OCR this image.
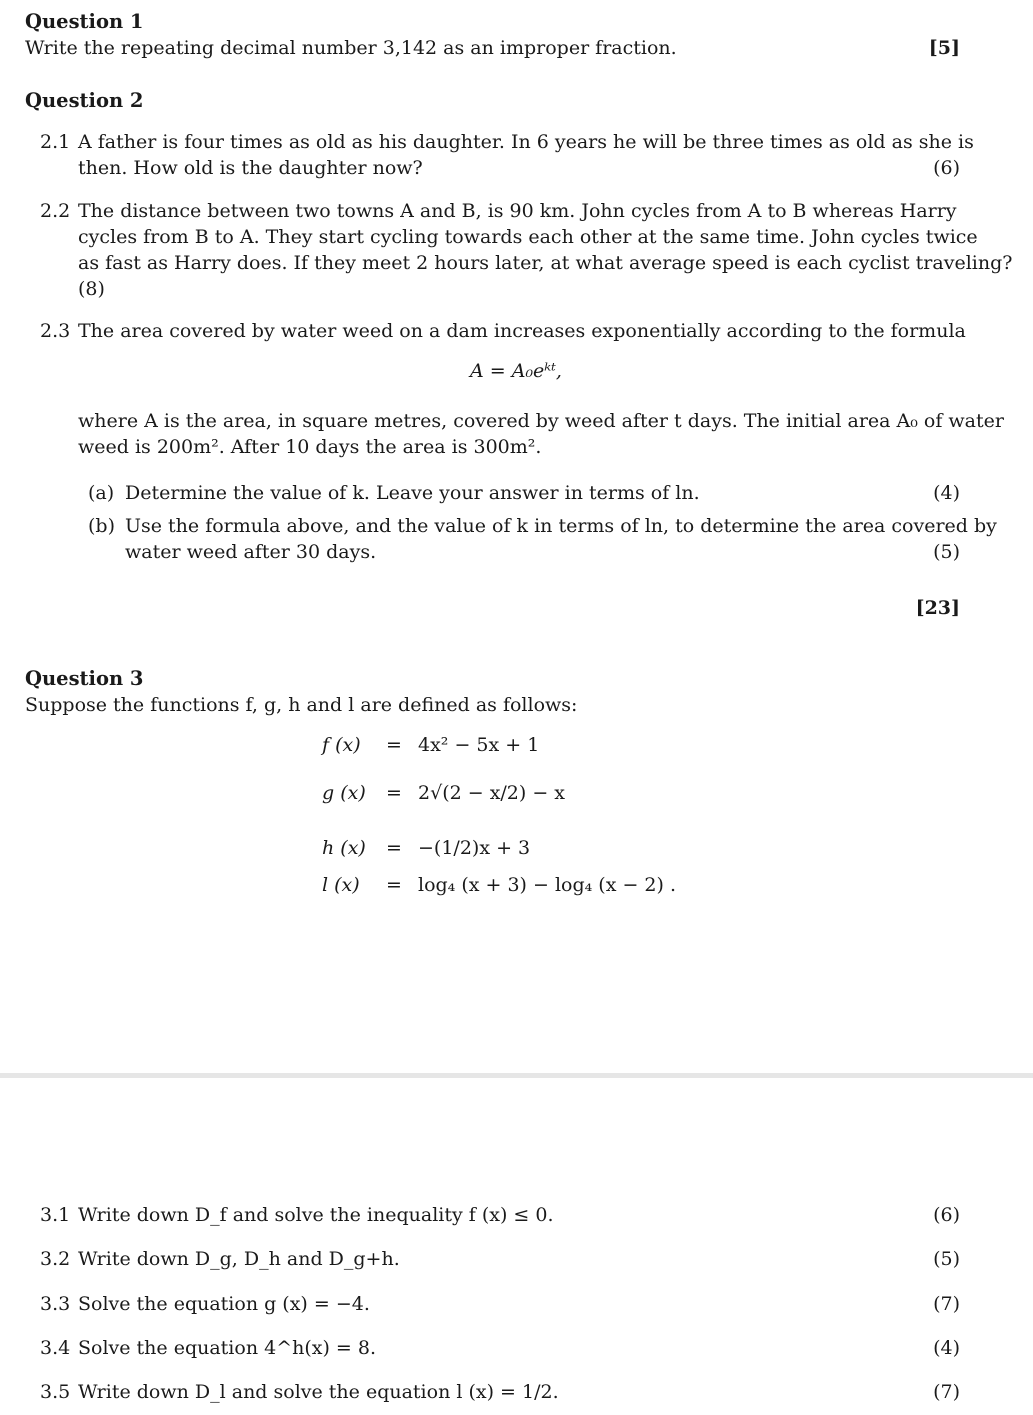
Question 1
Write the repeating decimal number 3,142 as an improper fraction.	[5]
Question 2
2.1 A father is four times as old as his daughter. In 6 years he will be three times as old as she is
then. How old is the daughter now?	(6)
2.2 The distance between two towns A and B, is 90 km. John cycles from A to B whereas Harry
cycles from B to A. They start cycling towards each other at the same time. John cycles twice
as fast as Harry does. If they meet 2 hours later, at what average speed is each cyclist traveling?
(8)
2.3 The area covered by water weed on a dam increases exponentially according to the formula
A = A₀eᵏᵗ,
where A is the area, in square metres, covered by weed after t days. The initial area A₀ of water
weed is 200m². After 10 days the area is 300m².
(a) Determine the value of k. Leave your answer in terms of ln.	(4)
(b) Use the formula above, and the value of k in terms of ln, to determine the area covered by
water weed after 30 days.	(5)
[23]
Question 3
Suppose the functions f, g, h and l are defined as follows:
f (x) = 4x² − 5x + 1
g (x) = 2√(2 − x/2) − x
h (x) = −(1/2)x + 3
l (x) = log₄ (x + 3) − log₄ (x − 2) .
3.1 Write down D_f and solve the inequality f (x) ≤ 0.	(6)
3.2 Write down D_g, D_h and D_g+h.	(5)
3.3 Solve the equation g (x) = −4.	(7)
3.4 Solve the equation 4^h(x) = 8.	(4)
3.5 Write down D_l and solve the equation l (x) = 1/2.	(7)
